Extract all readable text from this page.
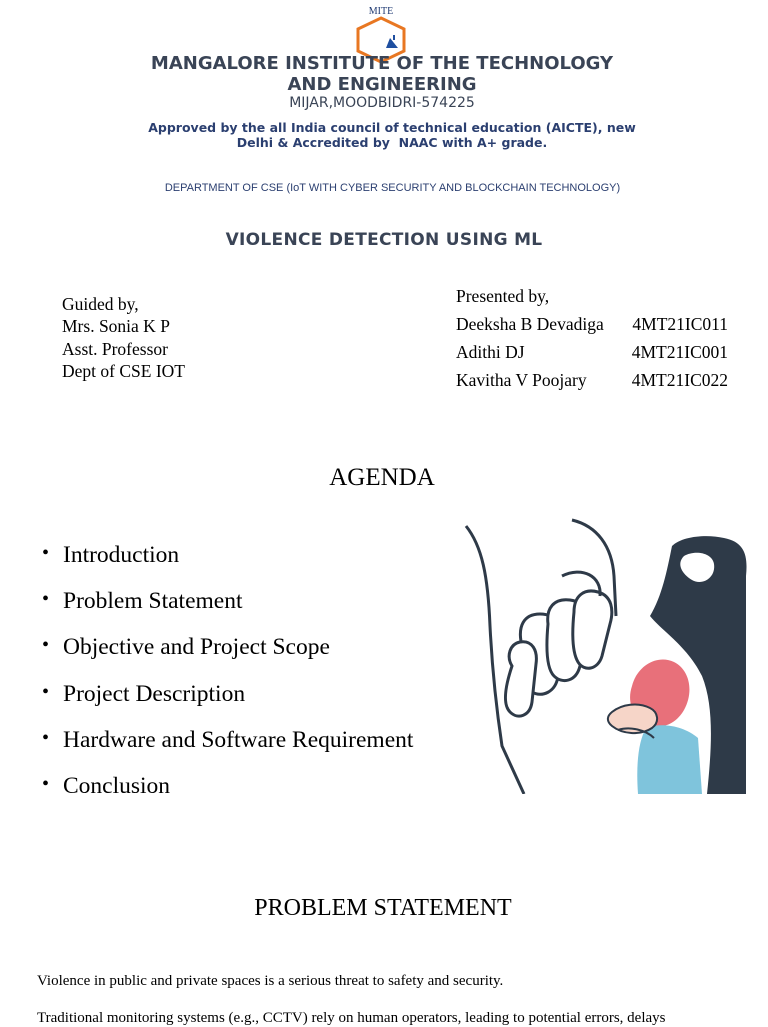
MITE
MANGALORE INSTITUTE OF THE TECHNOLOGY
AND ENGINEERING
MIJAR,MOODBIDRI-574225
Approved by the all India council of technical education (AICTE), new
Delhi & Accredited by  NAAC with A+ grade.
DEPARTMENT OF CSE (IoT WITH CYBER SECURITY AND BLOCKCHAIN TECHNOLOGY)
VIOLENCE DETECTION USING ML
Guided by,
Mrs. Sonia K P
Asst. Professor
Dept of CSE IOT
Presented by,
Deeksha B Devadiga 4MT21IC011
Adithi DJ	4MT21IC001
Kavitha V Poojary	4MT21IC022
AGENDA
• Introduction
• Problem Statement
• Objective and Project Scope
• Project Description
• Hardware and Software Requirement
• Conclusion
PROBLEM STATEMENT
Violence in public and private spaces is a serious threat to safety and security.
Traditional monitoring systems (e.g., CCTV) rely on human operators, leading to potential errors, delays
